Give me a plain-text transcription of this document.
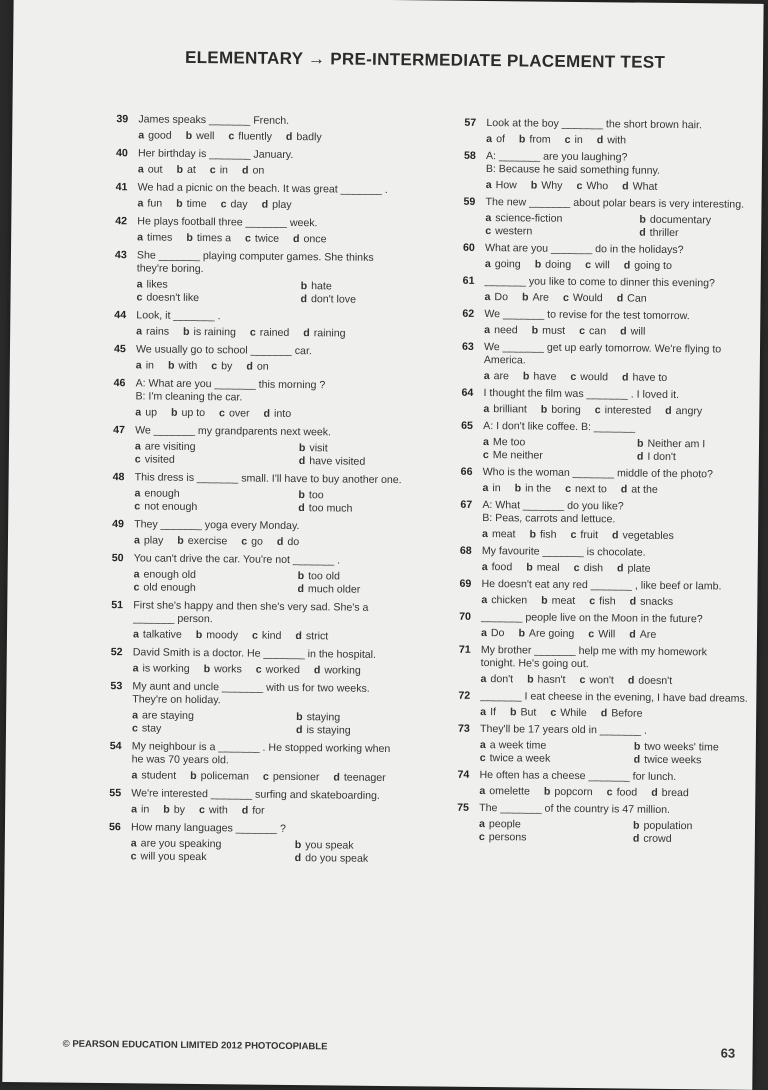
ELEMENTARY → PRE-INTERMEDIATE PLACEMENT TEST
39 James speaks _______ French.
a good b well c fluently d badly
40 Her birthday is _______ January.
a out b at c in d on
41 We had a picnic on the beach. It was great _______ .
a fun b time c day d play
42 He plays football three _______ week.
a times b times a c twice d once
43 She _______ playing computer games. She thinks
they're boring.
a likes	b hate
c doesn't like	d don't love
44 Look, it _______ .
a rains b is raining c rained d raining
45 We usually go to school _______ car.
a in b with c by d on
46 A: What are you _______ this morning ?
B: I'm cleaning the car.
a up b up to c over d into
47 We _______ my grandparents next week.
a are visiting	b visit
c visited	d have visited
48 This dress is _______ small. I'll have to buy another one.
a enough	b too
c not enough	d too much
49 They _______ yoga every Monday.
a play b exercise c go d do
50 You can't drive the car. You're not _______ .
a enough old	b too old
c old enough	d much older
51 First she's happy and then she's very sad. She's a
_______ person.
a talkative b moody c kind d strict
52 David Smith is a doctor. He _______ in the hospital.
a is working b works c worked d working
53 My aunt and uncle _______ with us for two weeks.
They're on holiday.
a are staying	b staying
c stay	d is staying
54 My neighbour is a _______ . He stopped working when
he was 70 years old.
a student b policeman c pensioner d teenager
55 We're interested _______ surfing and skateboarding.
a in b by c with d for
56 How many languages _______ ?
a are you speaking	b you speak
c will you speak	d do you speak
57 Look at the boy _______ the short brown hair.
a of b from c in d with
58 A: _______ are you laughing?
B: Because he said something funny.
a How b Why c Who d What
59 The new _______ about polar bears is very interesting.
a science-fiction	b documentary
c western	d thriller
60 What are you _______ do in the holidays?
a going b doing c will d going to
61 _______ you like to come to dinner this evening?
a Do b Are c Would d Can
62 We _______ to revise for the test tomorrow.
a need b must c can d will
63 We _______ get up early tomorrow. We're flying to
America.
a are b have c would d have to
64 I thought the film was _______ . I loved it.
a brilliant b boring c interested d angry
65 A: I don't like coffee. B: _______
a Me too	b Neither am I
c Me neither	d I don't
66 Who is the woman _______ middle of the photo?
a in b in the c next to d at the
67 A: What _______ do you like?
B: Peas, carrots and lettuce.
a meat b fish c fruit d vegetables
68 My favourite _______ is chocolate.
a food b meal c dish d plate
69 He doesn't eat any red _______ , like beef or lamb.
a chicken b meat c fish d snacks
70 _______ people live on the Moon in the future?
a Do b Are going c Will d Are
71 My brother _______ help me with my homework
tonight. He's going out.
a don't b hasn't c won't d doesn't
72 _______ I eat cheese in the evening, I have bad dreams.
a If b But c While d Before
73 They'll be 17 years old in _______ .
a a week time	b two weeks' time
c twice a week	d twice weeks
74 He often has a cheese _______ for lunch.
a omelette b popcorn c food d bread
75 The _______ of the country is 47 million.
a people	b population
c persons	d crowd
© PEARSON EDUCATION LIMITED 2012 PHOTOCOPIABLE
63
